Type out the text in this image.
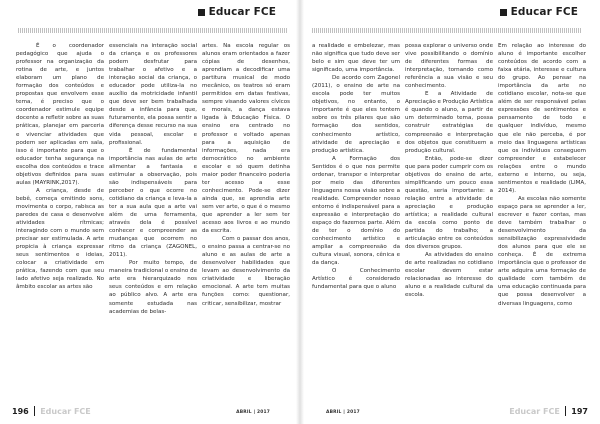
Educar FCE

É o coordenador pedagógico que ajuda o professor na organização da rotina de arte, e juntos elaboram um plano de formação dos conteúdos e propostas que envolvem esse tema, é preciso que o coordenador estimule equipe docente a refletir sobre as suas práticas, planejar em parceria e vivenciar atividades que podem ser aplicadas em sala, isso é importante para que o educador tenha segurança na escolha dos conteúdos e trace objetivos definidos para suas aulas (MAYRINK,2017).

A criança, desde de bebê, começa emitindo sons, movimenta o corpo, rabisca as paredes de casa e desenvolve atividades rítmicas; interagindo com o mundo sem precisar ser estimulada. A arte propicia à criança expressar seus sentimentos e ideias, colocar a criatividade em prática, fazendo com que seu lado afetivo seja realizado. No âmbito escolar as artes são

essenciais na interação social da criança e os professores podem desfrutar para trabalhar o afetivo e a interação social da criança, o educador pode utiliza-la no auxílio da motricidade infantil que deve ser bem trabalhada desde a infância para que, futuramente, ela possa sentir a diferença desse recurso na sua vida pessoal, escolar e profissional.

É de fundamental importância nas aulas de arte alimentar a fantasia e estimular a observação, pois são indispensáveis para perceber o que ocorre no cotidiano da criança e leva-la a ter a sua aula que a arte vai além de uma ferramenta, através dela é possível conhecer e compreender as mudanças que ocorrem no ritmo da criança (ZAGONEL, 2011).

Por muito tempo, de maneira tradicional o ensino de arte era hierarquizado nos seus conteúdos e em relação ao público alvo. A arte era somente estudada nas academias de belas-

artes. Na escola regular os alunos eram orientados a fazer cópias de desenhos, aprendiam a decodificar uma partitura musical de modo mecânico, os teatros só eram permitidos em datas festivas, sempre visando valores cívicos e morais, a dança estava ligada à Educação Física. O ensino era centrado no professor e voltado apenas para a aquisição de informações, nada era democrático no ambiente escolar e só quem detinha maior poder financeiro poderia ter acesso a esse conhecimento. Pode-se dizer ainda que, se aprendia arte sem ver arte, o que é o mesmo que aprender a ler sem ter acesso aos livros e ao mundo da escrita.

Com o passar dos anos, o ensino passa a centrar-se no aluno e as aulas de arte a desenvolver habilidades que levam ao desenvolvimento da criatividade e liberação emocional. A arte tem muitas funções como: questionar, criticar, sensibilizar, mostrar

196 Educar FCE	ABRIL | 2017
Educar FCE

a realidade e embelezar, mas não significa que tudo deve ser belo e sim que deve ter um significado, uma importância.

De acordo com Zagonel (2011), o ensino de arte na escola pode ter muitos objetivos, no entanto, o importante é que eles tentem sobre os três pilares que são formação dos sentidos, conhecimento artístico, atividade de apreciação e produção artística.

A Formação dos Sentidos é o que nos permite ordenar, transpor e interpretar por meio das diferentes linguagens nossa visão sobre a realidade. Compreender nosso entorno é indispensável para a expressão e interpretação do espaço do fazemos parte. Além de ter o domínio do conhecimento artístico e ampliar a compreensão da cultura visual, sonora, cênica e da dança.

O Conhecimento Artístico é considerado fundamental para que o aluno

possa explorar o universo onde vive possibilitando o domínio de diferentes formas de interpretação, tornando como referência a sua visão e seu conhecimento.

E a Atividade de Apreciação e Produção Artística é quando o aluno, a partir de um determinado tema, possa construir estratégias de compreensão e interpretação dos objetos que constituem a produção cultural.

Então, pode-se dizer que para poder cumprir com os objetivos do ensino de arte, simplificando um pouco essa questão, seria importante: a relação entre a atividade de apreciação e produção artística; a realidade cultural da escola como ponto de partida do trabalho; a articulação entre os conteúdos dos diversos grupos.

As atividades do ensino de arte realizadas no cotidiano escolar devem estar relacionadas ao interesse do aluno e a realidade cultural da escola.

Em relação ao interesse do aluno é importante escolher conteúdos de acordo com a faixa etária, interesse e cultura do grupo. Ao pensar na importância da arte no cotidiano escolar, nota-se que além de ser responsável pelas expressões de sentimentos e pensamento de todo e qualquer indivíduo, mesmo que ele não perceba, é por meio das linguagens artísticas que os indivíduos conseguem compreender e estabelecer relações entre o mundo externo e interno, ou seja, sentimentos e realidade (LIMA, 2014).

As escolas não somente espaço para se aprender a ler, escrever e fazer contas, mas deve também trabalhar o desenvolvimento da sensibilização expressividade dos alunos para que ele se conheça. É de extrema importância que o professor de arte adquira uma formação de qualidade com também de uma educação continuada para que possa desenvolver a diversas linguagens, como

ABRIL | 2017	Educar FCE 197
